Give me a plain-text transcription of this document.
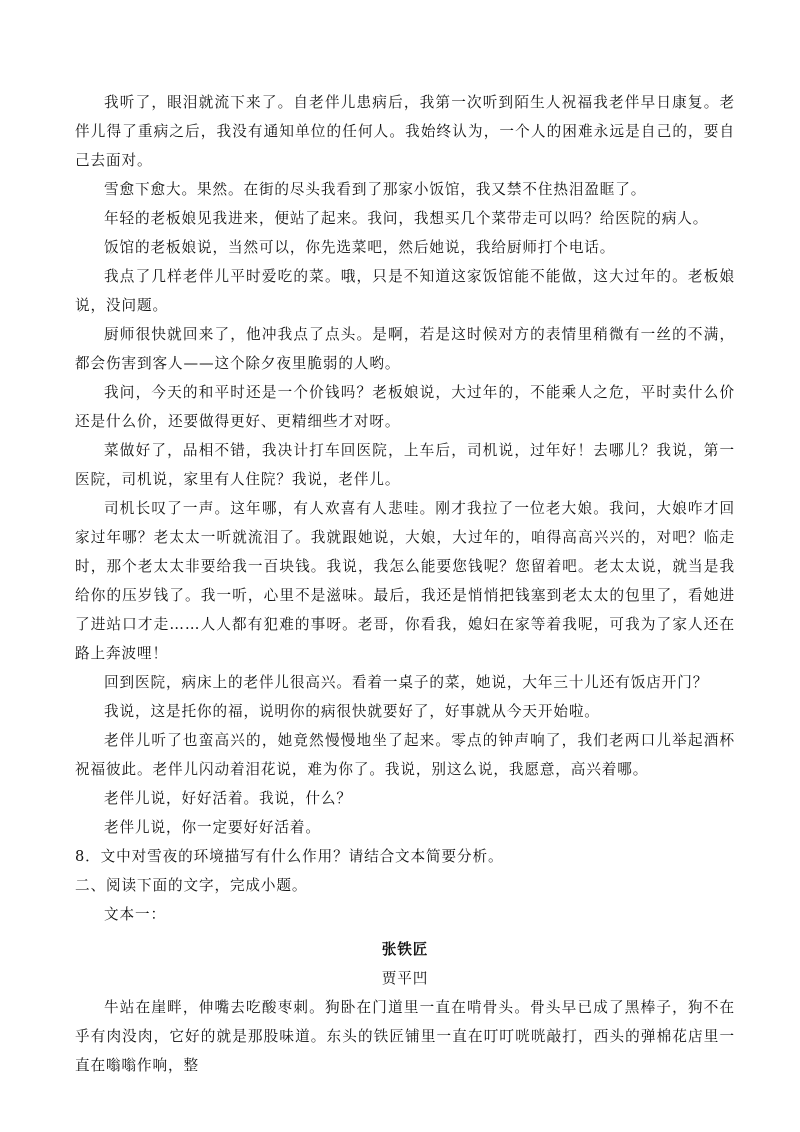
我听了，眼泪就流下来了。自老伴儿患病后，我第一次听到陌生人祝福我老伴早日康复。老伴儿得了重病之后，我没有通知单位的任何人。我始终认为，一个人的困难永远是自己的，要自己去面对。

雪愈下愈大。果然。在街的尽头我看到了那家小饭馆，我又禁不住热泪盈眶了。

年轻的老板娘见我进来，便站了起来。我问，我想买几个菜带走可以吗？给医院的病人。

饭馆的老板娘说，当然可以，你先选菜吧，然后她说，我给厨师打个电话。

我点了几样老伴儿平时爱吃的菜。哦，只是不知道这家饭馆能不能做，这大过年的。老板娘说，没问题。

厨师很快就回来了，他冲我点了点头。是啊，若是这时候对方的表情里稍微有一丝的不满，都会伤害到客人——这个除夕夜里脆弱的人哟。

我问，今天的和平时还是一个价钱吗？老板娘说，大过年的，不能乘人之危，平时卖什么价还是什么价，还要做得更好、更精细些才对呀。

菜做好了，品相不错，我决计打车回医院，上车后，司机说，过年好！去哪儿？我说，第一医院，司机说，家里有人住院？我说，老伴儿。

司机长叹了一声。这年哪，有人欢喜有人悲哇。刚才我拉了一位老大娘。我问，大娘咋才回家过年哪？老太太一听就流泪了。我就跟她说，大娘，大过年的，咱得高高兴兴的，对吧？临走时，那个老太太非要给我一百块钱。我说，我怎么能要您钱呢？您留着吧。老太太说，就当是我给你的压岁钱了。我一听，心里不是滋味。最后，我还是悄悄把钱塞到老太太的包里了，看她进了进站口才走……人人都有犯难的事呀。老哥，你看我，媳妇在家等着我呢，可我为了家人还在路上奔波哩！

回到医院，病床上的老伴儿很高兴。看着一桌子的菜，她说，大年三十儿还有饭店开门？

我说，这是托你的福，说明你的病很快就要好了，好事就从今天开始啦。

老伴儿听了也蛮高兴的，她竟然慢慢地坐了起来。零点的钟声响了，我们老两口儿举起酒杯祝福彼此。老伴儿闪动着泪花说，难为你了。我说，别这么说，我愿意，高兴着哪。

老伴儿说，好好活着。我说，什么？

老伴儿说，你一定要好好活着。

8．文中对雪夜的环境描写有什么作用？请结合文本简要分析。

二、阅读下面的文字，完成小题。

文本一：

张铁匠

贾平凹

牛站在崖畔，伸嘴去吃酸枣刺。狗卧在门道里一直在啃骨头。骨头早已成了黑棒子，狗不在乎有肉没肉，它好的就是那股味道。东头的铁匠铺里一直在叮叮咣咣敲打，西头的弹棉花店里一直在嗡嗡作响，整
